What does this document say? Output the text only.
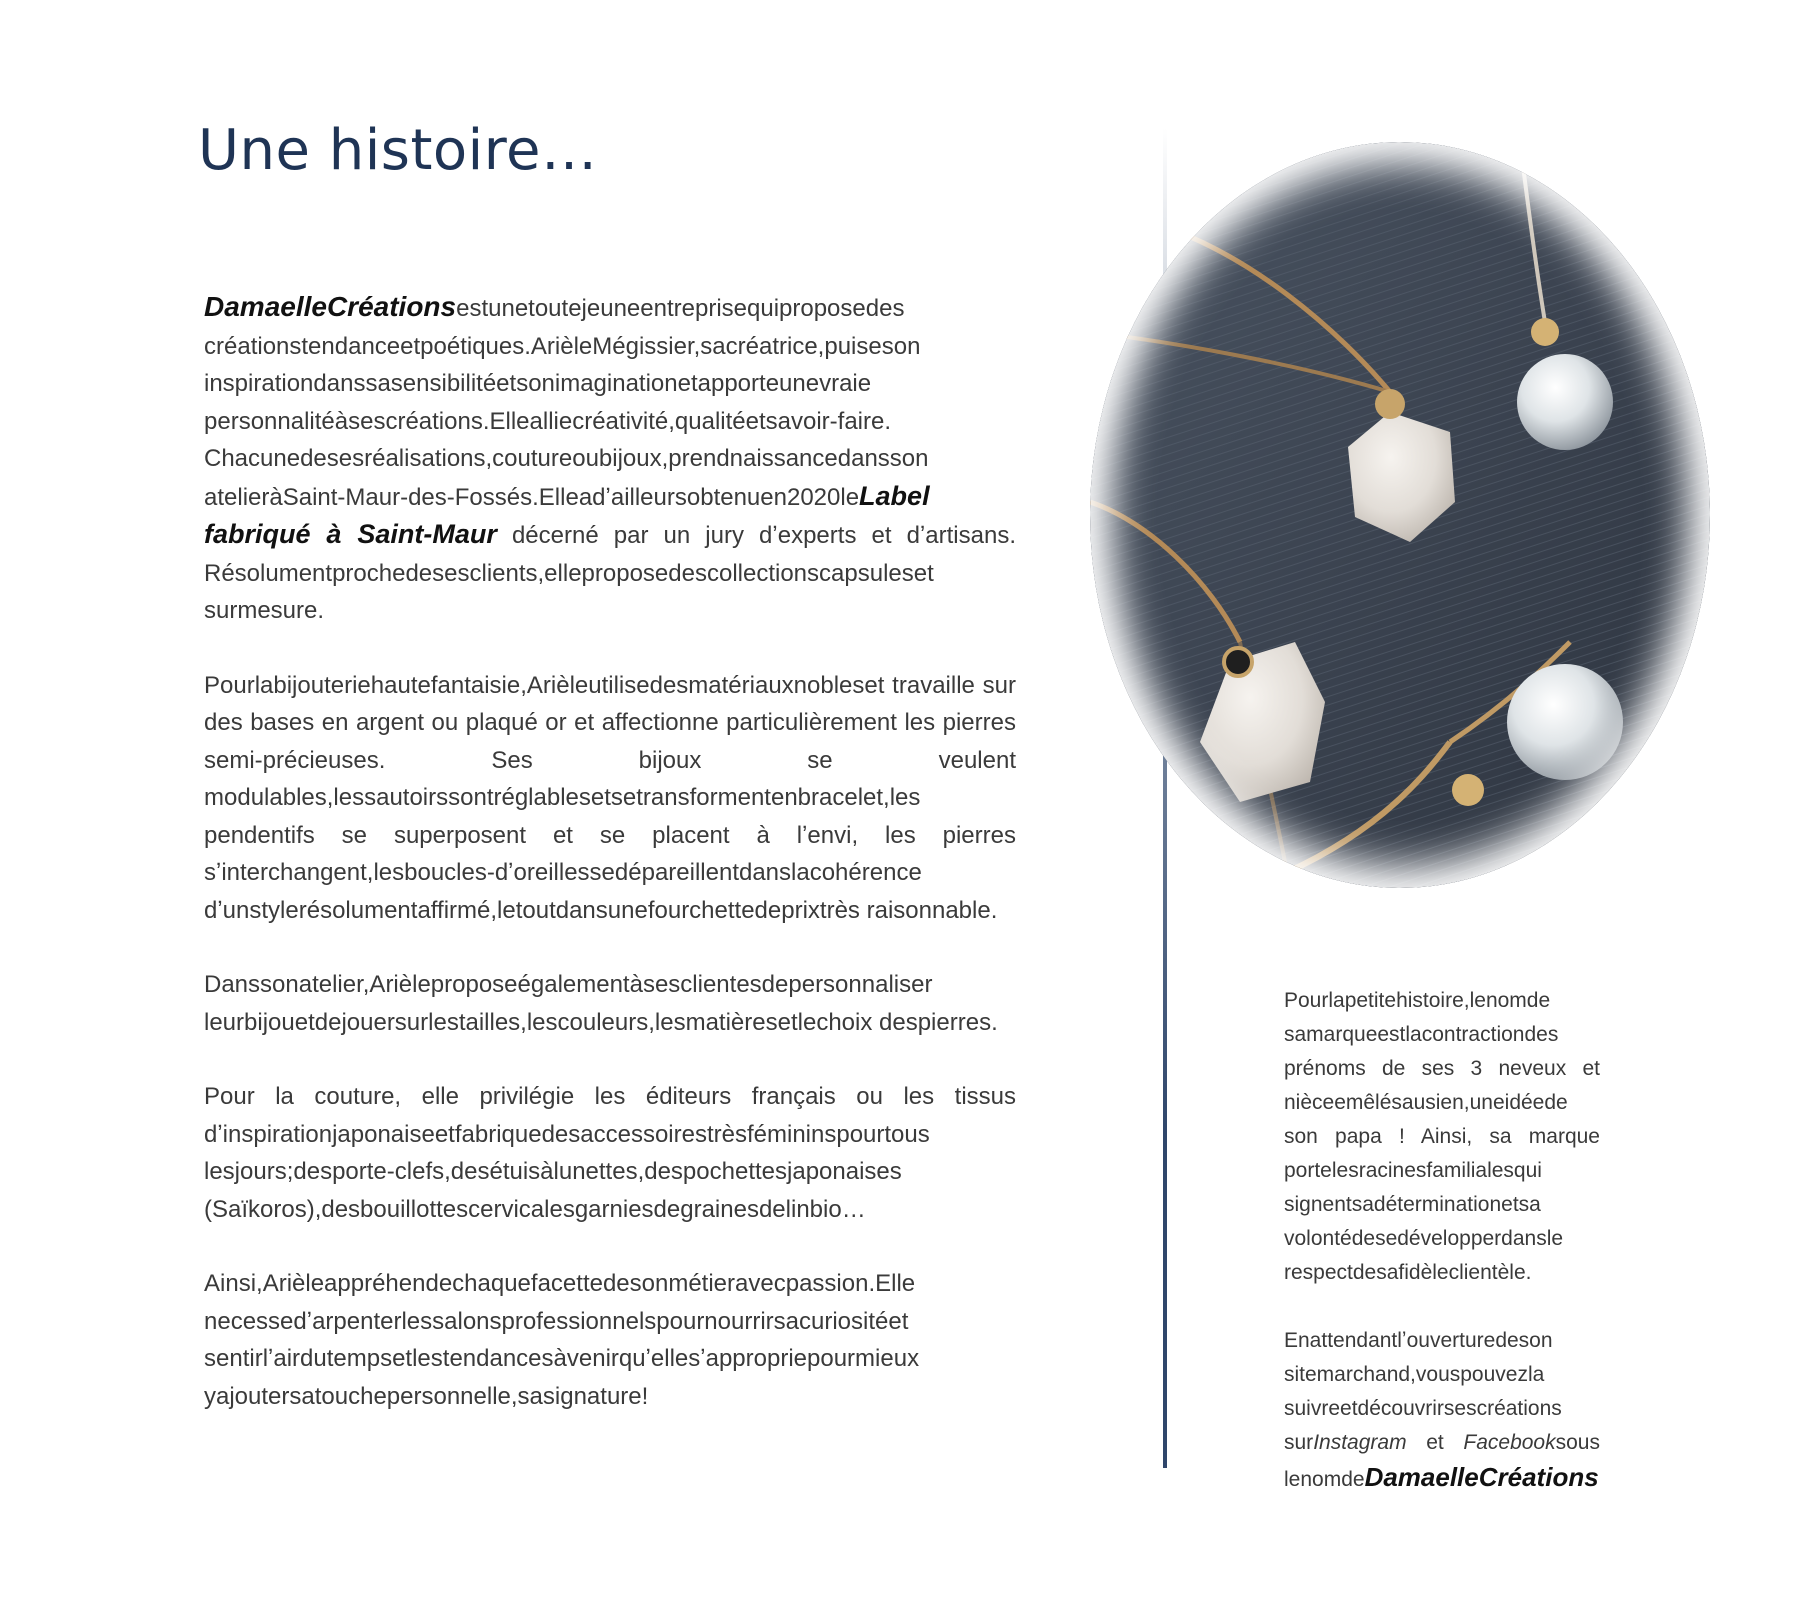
Une histoire…

DamaelleCréationsestunetoutejeuneentreprisequiproposedes créationstendanceetpoétiques.ArièleMégissier,sacréatrice,puiseson inspirationdanssasensibilitéetsonimaginationetapporteunevraie personnalitéàsescréations.Ellealliecréativité,qualitéetsavoir-faire. Chacunedesesréalisations,coutureoubijoux,prendnaissancedansson atelieràSaint-Maur-des-Fossés.Elleadʼailleursobtenuen2020leLabel fabriqué à Saint-Maur décerné par un jury dʼexperts et dʼartisans. Résolumentprochedesesclients,elleproposedescollectionscapsuleset surmesure.

Pourlabijouteriehautefantaisie,Arièleutilisedesmatériauxnobleset travaille sur des bases en argent ou plaqué or et affectionne particulièrement les pierres semi-précieuses. Ses bijoux se veulent modulables,lessautoirssontréglablesetsetransformentenbracelet,les pendentifs se superposent et se placent à lʼenvi, les pierres sʼinterchangent,lesboucles-dʼoreillessedépareillentdanslacohérence dʼunstylerésolumentaffirmé,letoutdansunefourchettedeprixtrès raisonnable.

Danssonatelier,Arièleproposeégalementàsesclientesdepersonnaliser leurbijouetdejouersurlestailles,lescouleurs,lesmatièresetlechoix despierres.

Pour la couture, elle privilégie les éditeurs français ou les tissus dʼinspirationjaponaiseetfabriquedesaccessoirestrèsfémininspourtous lesjours;desporte-clefs,desétuisàlunettes,despochettesjaponaises (Saïkoros),desbouillottescervicalesgarniesdegrainesdelinbio…

Ainsi,Arièleappréhendechaquefacettedesonmétieravecpassion.Elle necessedʼarpenterlessalonsprofessionnelspournourrirsacuriositéet sentirlʼairdutempsetlestendancesàvenirquʼellesʼappropriepourmieux yajoutersatouchepersonnelle,sasignature!

Pourlapetitehistoire,lenomde samarqueestlacontractiondes prénoms de ses 3 neveux et nièceemêlésausien,uneidéede son papa ! Ainsi, sa marque portelesracinesfamilialesqui signentsadéterminationetsa volontédesedévelopperdansle respectdesafidèleclientèle.

Enattendantlʼouverturedeson sitemarchand,vouspouvezla suivreetdécouvrirsescréations surInstagram et Facebooksous lenomdeDamaelleCréations
